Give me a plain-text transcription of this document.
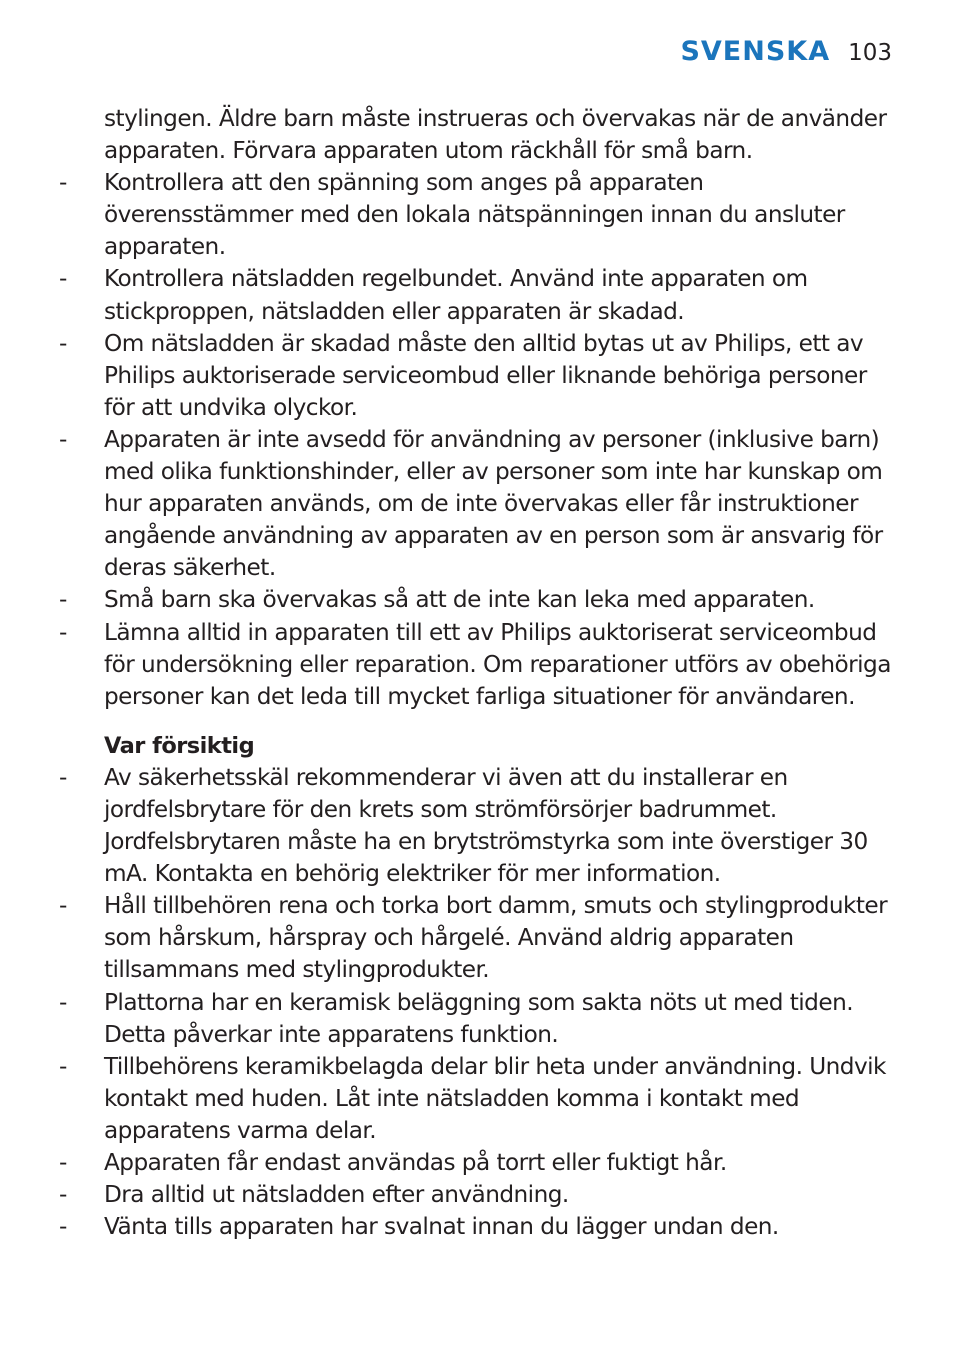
SVENSKA 103

stylingen. Äldre barn måste instrueras och övervakas när de använder apparaten. Förvara apparaten utom räckhåll för små barn.

-	Kontrollera att den spänning som anges på apparaten överensstämmer med den lokala nätspänningen innan du ansluter apparaten.
-	Kontrollera nätsladden regelbundet. Använd inte apparaten om stickproppen, nätsladden eller apparaten är skadad.
-	Om nätsladden är skadad måste den alltid bytas ut av Philips, ett av Philips auktoriserade serviceombud eller liknande behöriga personer för att undvika olyckor.
-	Apparaten är inte avsedd för användning av personer (inklusive barn) med olika funktionshinder, eller av personer som inte har kunskap om hur apparaten används, om de inte övervakas eller får instruktioner angående användning av apparaten av en person som är ansvarig för deras säkerhet.
-	Små barn ska övervakas så att de inte kan leka med apparaten.
-	Lämna alltid in apparaten till ett av Philips auktoriserat serviceombud för undersökning eller reparation. Om reparationer utförs av obehöriga personer kan det leda till mycket farliga situationer för användaren.

Var försiktig

-	Av säkerhetsskäl rekommenderar vi även att du installerar en jordfelsbrytare för den krets som strömförsörjer badrummet. Jordfelsbrytaren måste ha en brytströmstyrka som inte överstiger 30 mA. Kontakta en behörig elektriker för mer information.
-	Håll tillbehören rena och torka bort damm, smuts och stylingprodukter som hårskum, hårspray och hårgelé. Använd aldrig apparaten tillsammans med stylingprodukter.
-	Plattorna har en keramisk beläggning som sakta nöts ut med tiden. Detta påverkar inte apparatens funktion.
-	Tillbehörens keramikbelagda delar blir heta under användning. Undvik kontakt med huden. Låt inte nätsladden komma i kontakt med apparatens varma delar.
-	Apparaten får endast användas på torrt eller fuktigt hår.
-	Dra alltid ut nätsladden efter användning.
-	Vänta tills apparaten har svalnat innan du lägger undan den.
